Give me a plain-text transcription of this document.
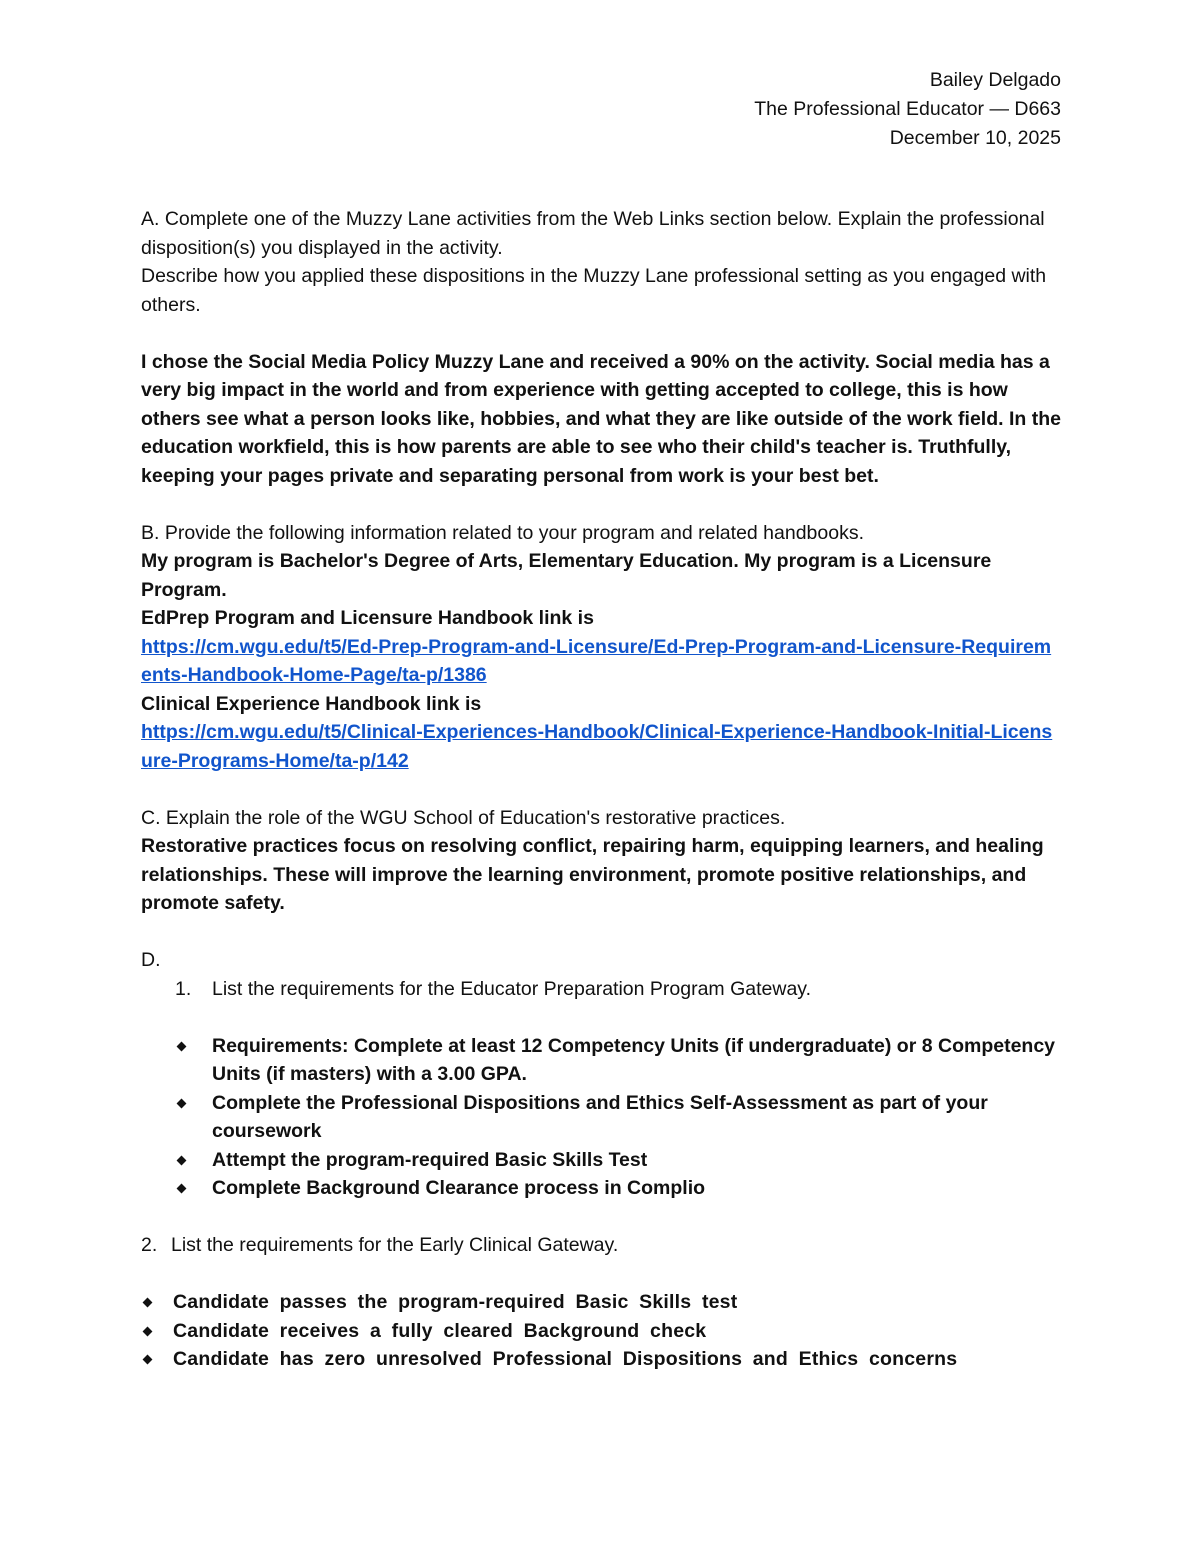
Bailey Delgado
The Professional Educator — D663
December 10, 2025

A. Complete one of the Muzzy Lane activities from the Web Links section below. Explain the professional disposition(s) you displayed in the activity.

Describe how you applied these dispositions in the Muzzy Lane professional setting as you engaged with others.

I chose the Social Media Policy Muzzy Lane and received a 90% on the activity. Social media has a very big impact in the world and from experience with getting accepted to college, this is how others see what a person looks like, hobbies, and what they are like outside of the work field. In the education workfield, this is how parents are able to see who their child's teacher is. Truthfully, keeping your pages private and separating personal from work is your best bet.

B. Provide the following information related to your program and related handbooks.

My program is Bachelor's Degree of Arts, Elementary Education. My program is a Licensure Program.

EdPrep Program and Licensure Handbook link is

https://cm.wgu.edu/t5/Ed-Prep-Program-and-Licensure/Ed-Prep-Program-and-Licensure-Requirements-Handbook-Home-Page/ta-p/1386

Clinical Experience Handbook link is

https://cm.wgu.edu/t5/Clinical-Experiences-Handbook/Clinical-Experience-Handbook-Initial-Licensure-Programs-Home/ta-p/142

C. Explain the role of the WGU School of Education's restorative practices.

Restorative practices focus on resolving conflict, repairing harm, equipping learners, and healing relationships. These will improve the learning environment, promote positive relationships, and promote safety.

D.

1. List the requirements for the Educator Preparation Program Gateway.
Requirements: Complete at least 12 Competency Units (if undergraduate) or 8 Competency Units (if masters) with a 3.00 GPA.
Complete the Professional Dispositions and Ethics Self-Assessment as part of your coursework
Attempt the program-required Basic Skills Test
Complete Background Clearance process in Complio
2. List the requirements for the Early Clinical Gateway.
Candidate passes the program-required Basic Skills test
Candidate receives a fully cleared Background check
Candidate has zero unresolved Professional Dispositions and Ethics concerns
